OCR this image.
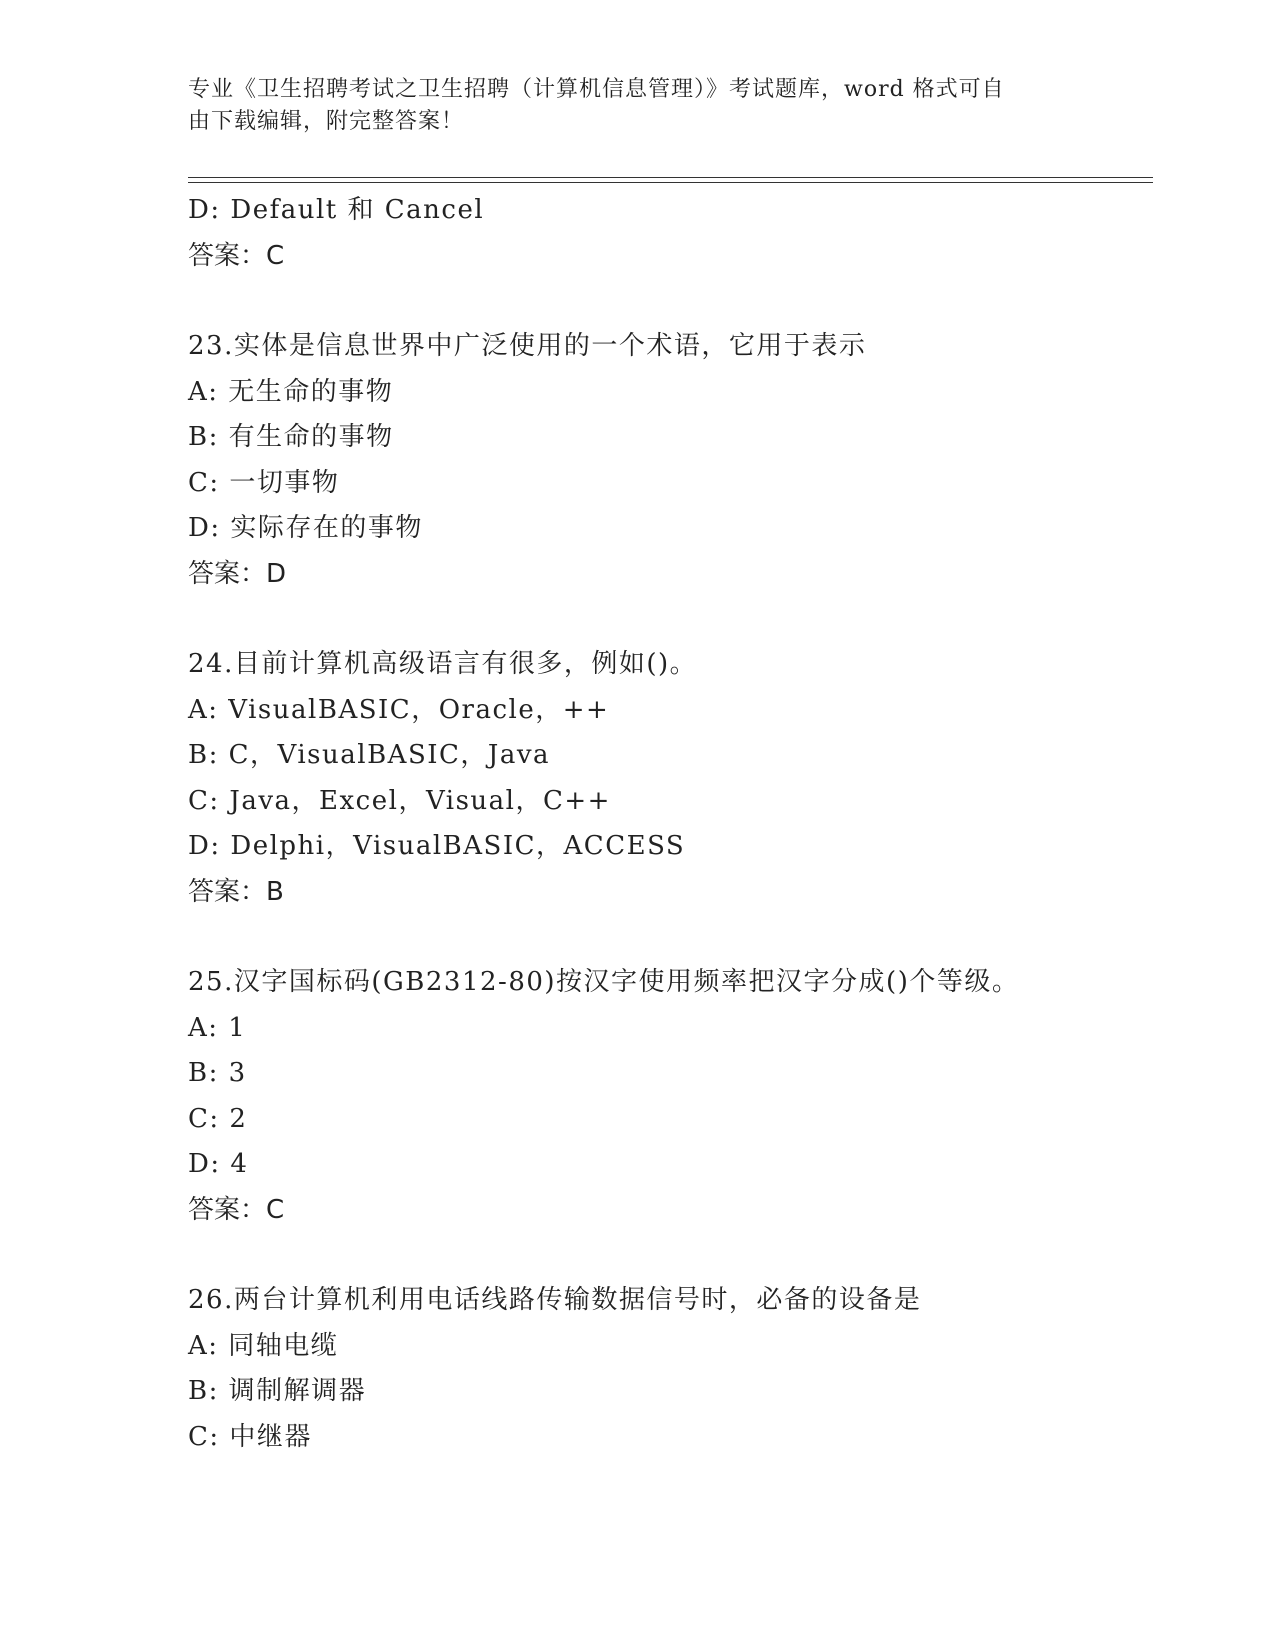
专业《卫生招聘考试之卫生招聘（计算机信息管理）》考试题库，word 格式可自
由下载编辑，附完整答案！
D: Default 和 Cancel
答案：C
23.实体是信息世界中广泛使用的一个术语，它用于表示
A: 无生命的事物
B: 有生命的事物
C: 一切事物
D: 实际存在的事物
答案：D
24.目前计算机高级语言有很多，例如()。
A: VisualBASIC，Oracle，++
B: C，VisualBASIC，Java
C: Java，Excel，Visual，C++
D: Delphi，VisualBASIC，ACCESS
答案：B
25.汉字国标码(GB2312-80)按汉字使用频率把汉字分成()个等级。
A: 1
B: 3
C: 2
D: 4
答案：C
26.两台计算机利用电话线路传输数据信号时，必备的设备是
A: 同轴电缆
B: 调制解调器
C: 中继器
